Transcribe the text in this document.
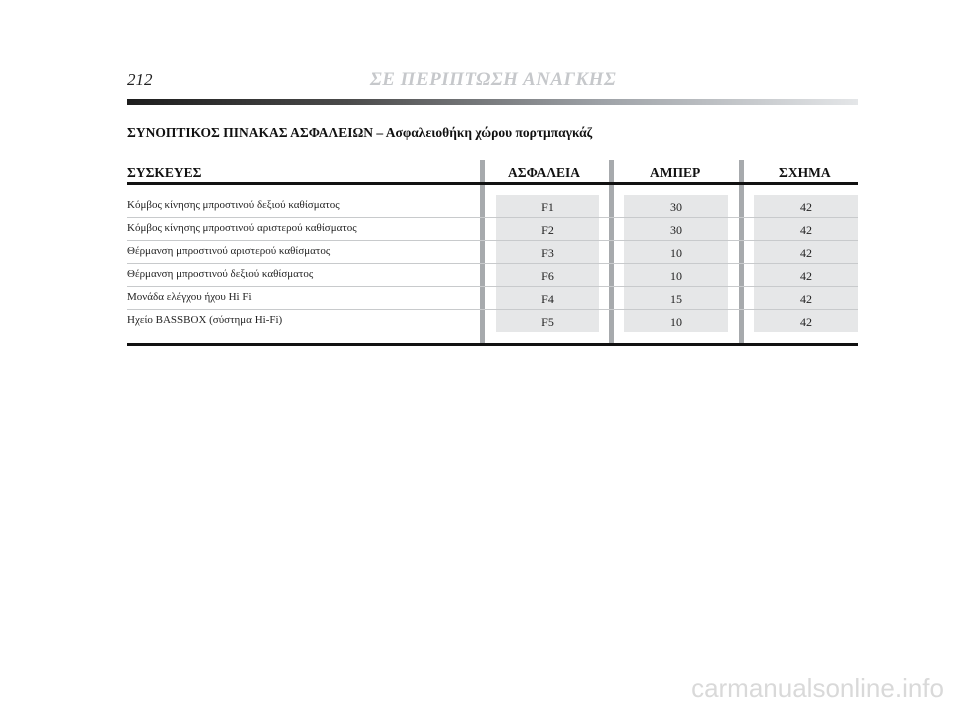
212	ΣΕ ΠΕΡΙΠΤΩΣΗ ΑΝΑΓΚΗΣ
ΣΥΝΟΠΤΙΚΟΣ ΠΙΝΑΚΑΣ ΑΣΦΑΛΕΙΩΝ – Ασφαλειοθήκη χώρου πορτμπαγκάζ
ΣΥΣΚΕΥΕΣ	ΑΣΦΑΛΕΙΑ	ΑΜΠΕΡ	ΣΧΗΜΑ
Κόμβος κίνησης μπροστινού δεξιού καθίσματος	F1	30	42
Κόμβος κίνησης μπροστινού αριστερού καθίσματος	F2	30	42
Θέρμανση μπροστινού αριστερού καθίσματος	F3	10	42
Θέρμανση μπροστινού δεξιού καθίσματος	F6	10	42
Μονάδα ελέγχου ήχου Hi Fi	F4	15	42
Ηχείο BASSBOX (σύστημα Hi-Fi)	F5	10	42
carmanualsonline.info
